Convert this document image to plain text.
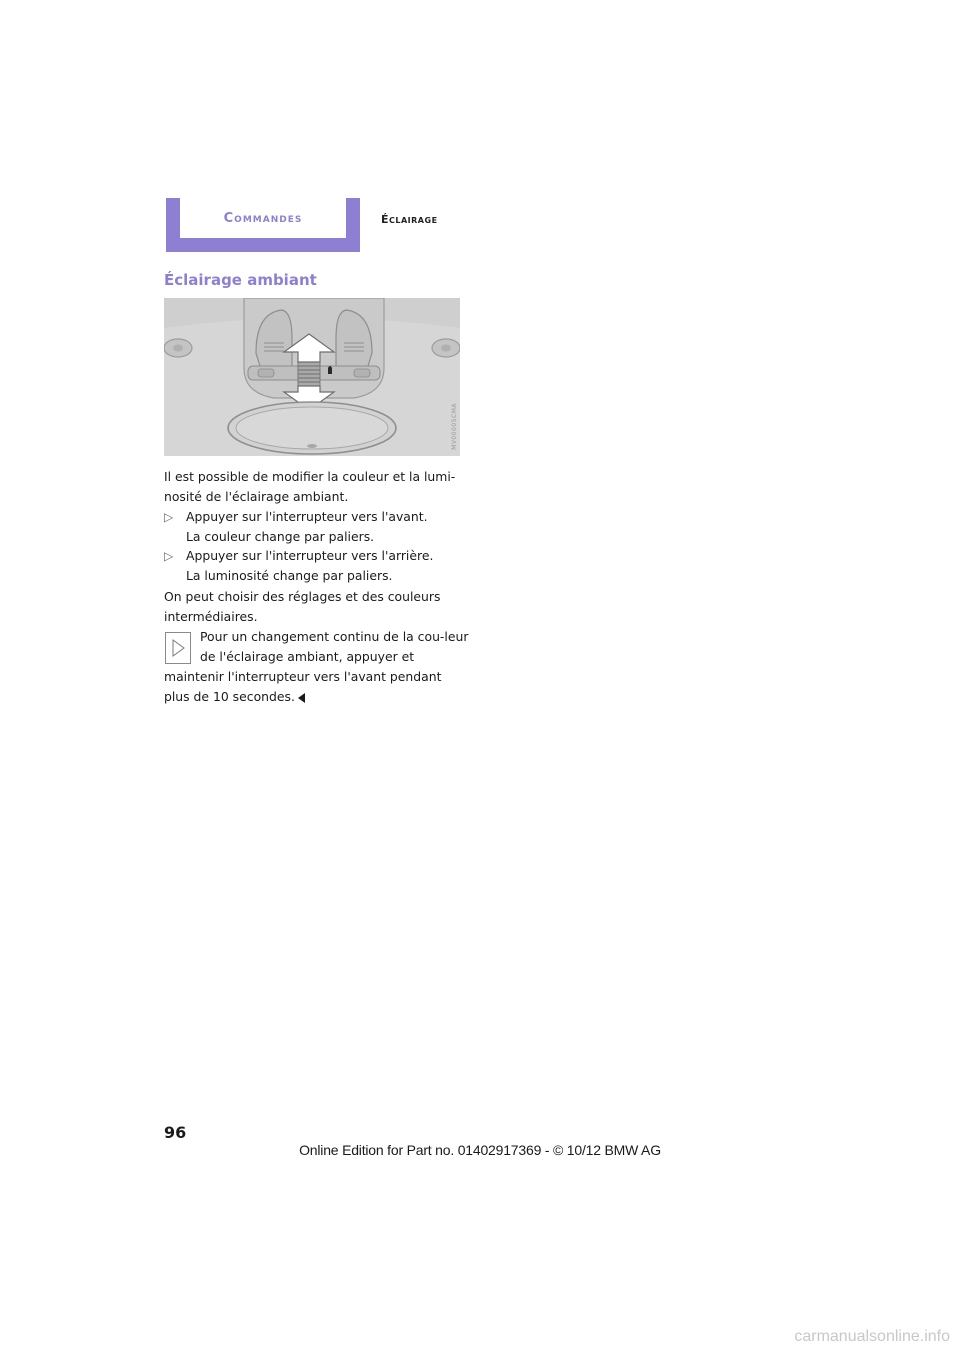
Commandes	Éclairage
Éclairage ambiant
MV00005CMA

Il est possible de modifier la couleur et la lumi-nosité de l'éclairage ambiant.

▷ Appuyer sur l'interrupteur vers l'avant.

La couleur change par paliers.

▷ Appuyer sur l'interrupteur vers l'arrière.

La luminosité change par paliers.

On peut choisir des réglages et des couleurs intermédiaires.

Pour un changement continu de la cou-leur de l'éclairage ambiant, appuyer et

maintenir l'interrupteur vers l'avant pendant plus de 10 secondes.

96
Online Edition for Part no. 01402917369 - © 10/12 BMW AG
carmanualsonline.info
